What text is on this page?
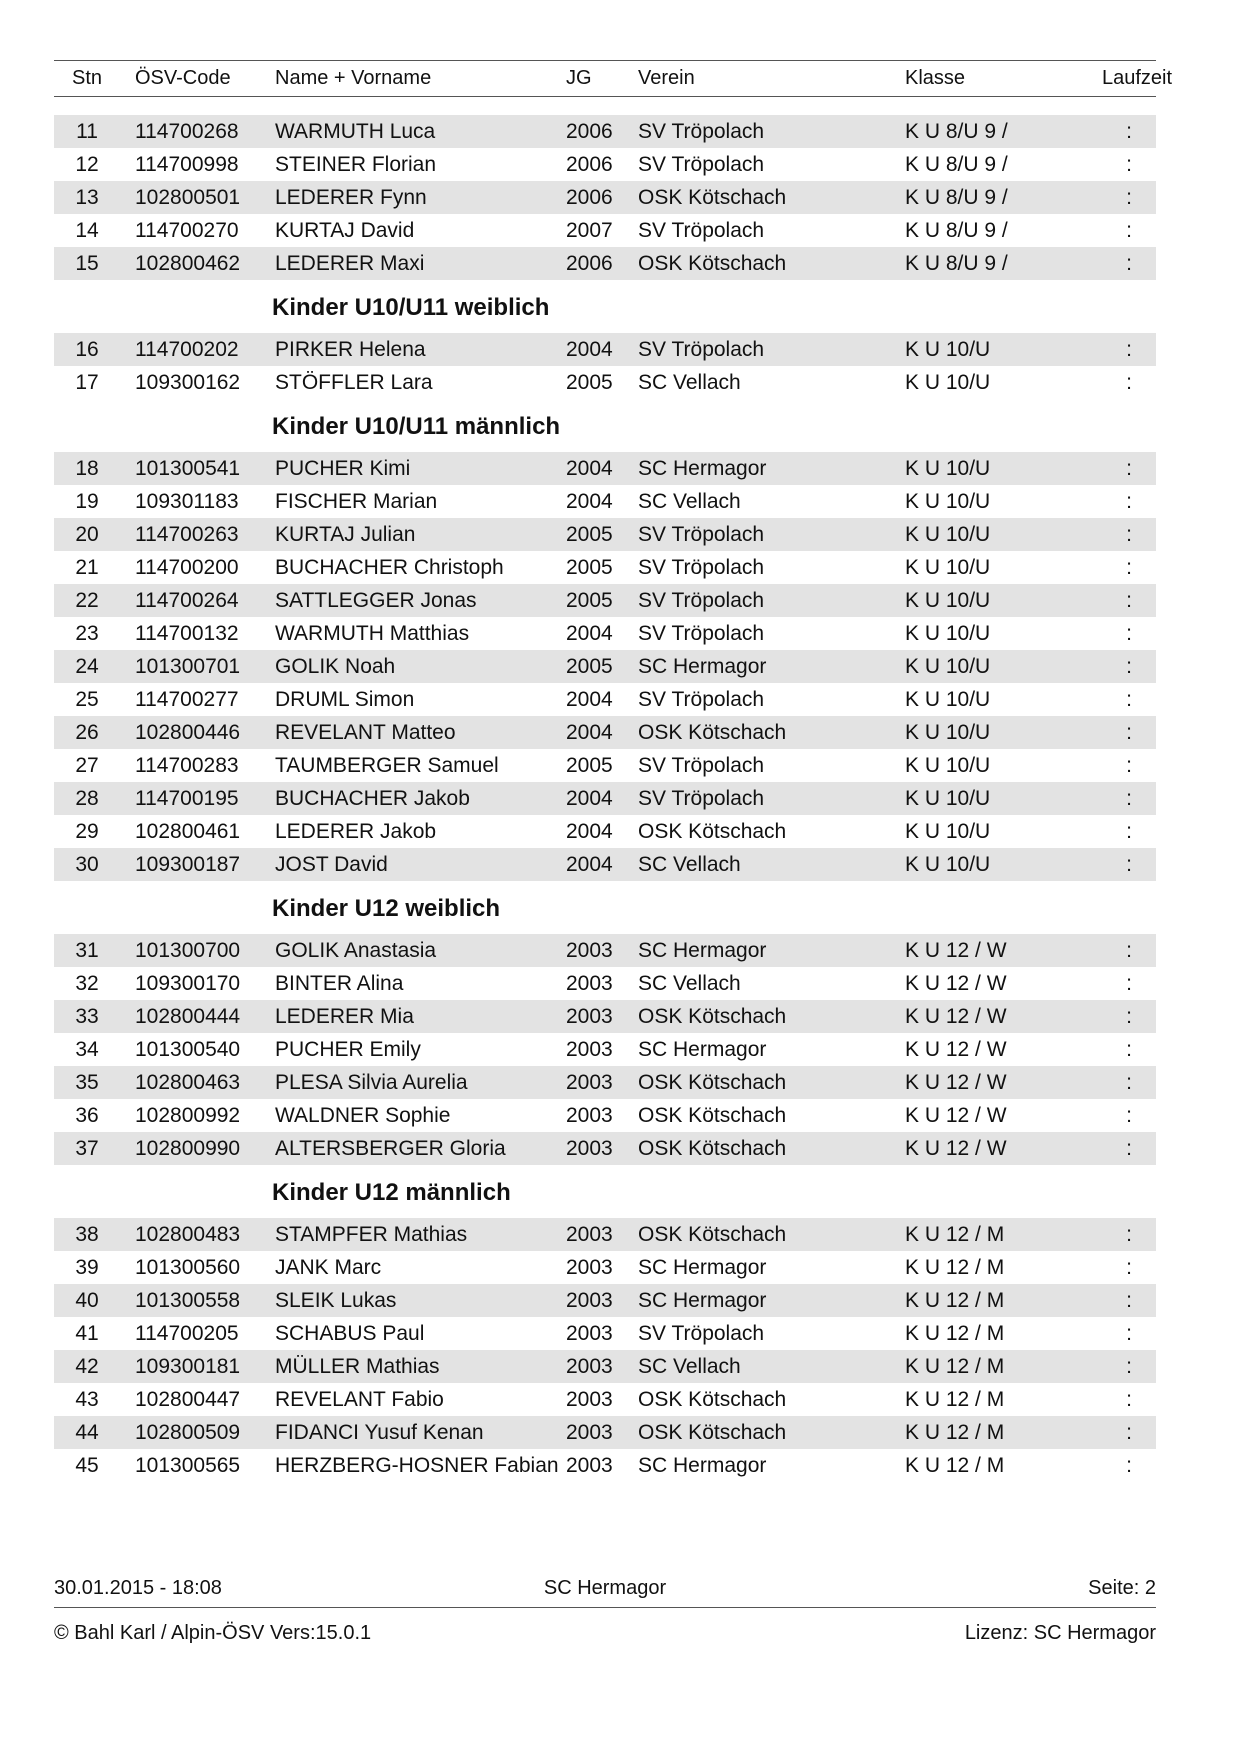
Stn	ÖSV-Code	Name + Vorname	JG	Verein	Klasse	Laufzeit
11	114700268	WARMUTH Luca	2006	SV Tröpolach	K U 8/U 9 /	:
12	114700998	STEINER Florian	2006	SV Tröpolach	K U 8/U 9 /	:
13	102800501	LEDERER Fynn	2006	OSK Kötschach	K U 8/U 9 /	:
14	114700270	KURTAJ David	2007	SV Tröpolach	K U 8/U 9 /	:
15	102800462	LEDERER Maxi	2006	OSK Kötschach	K U 8/U 9 /	:
Kinder U10/U11 weiblich
16	114700202	PIRKER Helena	2004	SV Tröpolach	K U 10/U	:
17	109300162	STÖFFLER Lara	2005	SC Vellach	K U 10/U	:
Kinder U10/U11 männlich
18	101300541	PUCHER Kimi	2004	SC Hermagor	K U 10/U	:
19	109301183	FISCHER Marian	2004	SC Vellach	K U 10/U	:
20	114700263	KURTAJ Julian	2005	SV Tröpolach	K U 10/U	:
21	114700200	BUCHACHER Christoph	2005	SV Tröpolach	K U 10/U	:
22	114700264	SATTLEGGER Jonas	2005	SV Tröpolach	K U 10/U	:
23	114700132	WARMUTH Matthias	2004	SV Tröpolach	K U 10/U	:
24	101300701	GOLIK Noah	2005	SC Hermagor	K U 10/U	:
25	114700277	DRUML Simon	2004	SV Tröpolach	K U 10/U	:
26	102800446	REVELANT Matteo	2004	OSK Kötschach	K U 10/U	:
27	114700283	TAUMBERGER Samuel	2005	SV Tröpolach	K U 10/U	:
28	114700195	BUCHACHER Jakob	2004	SV Tröpolach	K U 10/U	:
29	102800461	LEDERER Jakob	2004	OSK Kötschach	K U 10/U	:
30	109300187	JOST David	2004	SC Vellach	K U 10/U	:
Kinder U12 weiblich
31	101300700	GOLIK Anastasia	2003	SC Hermagor	K U 12 / W	:
32	109300170	BINTER Alina	2003	SC Vellach	K U 12 / W	:
33	102800444	LEDERER Mia	2003	OSK Kötschach	K U 12 / W	:
34	101300540	PUCHER Emily	2003	SC Hermagor	K U 12 / W	:
35	102800463	PLESA Silvia Aurelia	2003	OSK Kötschach	K U 12 / W	:
36	102800992	WALDNER Sophie	2003	OSK Kötschach	K U 12 / W	:
37	102800990	ALTERSBERGER Gloria	2003	OSK Kötschach	K U 12 / W	:
Kinder U12 männlich
38	102800483	STAMPFER Mathias	2003	OSK Kötschach	K U 12 / M	:
39	101300560	JANK Marc	2003	SC Hermagor	K U 12 / M	:
40	101300558	SLEIK Lukas	2003	SC Hermagor	K U 12 / M	:
41	114700205	SCHABUS Paul	2003	SV Tröpolach	K U 12 / M	:
42	109300181	MÜLLER Mathias	2003	SC Vellach	K U 12 / M	:
43	102800447	REVELANT Fabio	2003	OSK Kötschach	K U 12 / M	:
44	102800509	FIDANCI Yusuf Kenan	2003	OSK Kötschach	K U 12 / M	:
45	101300565	HERZBERG-HOSNER Fabian 2003	SC Hermagor	K U 12 / M	:
30.01.2015 - 18:08	SC Hermagor	Seite: 2
© Bahl Karl / Alpin-ÖSV Vers:15.0.1	Lizenz: SC Hermagor
